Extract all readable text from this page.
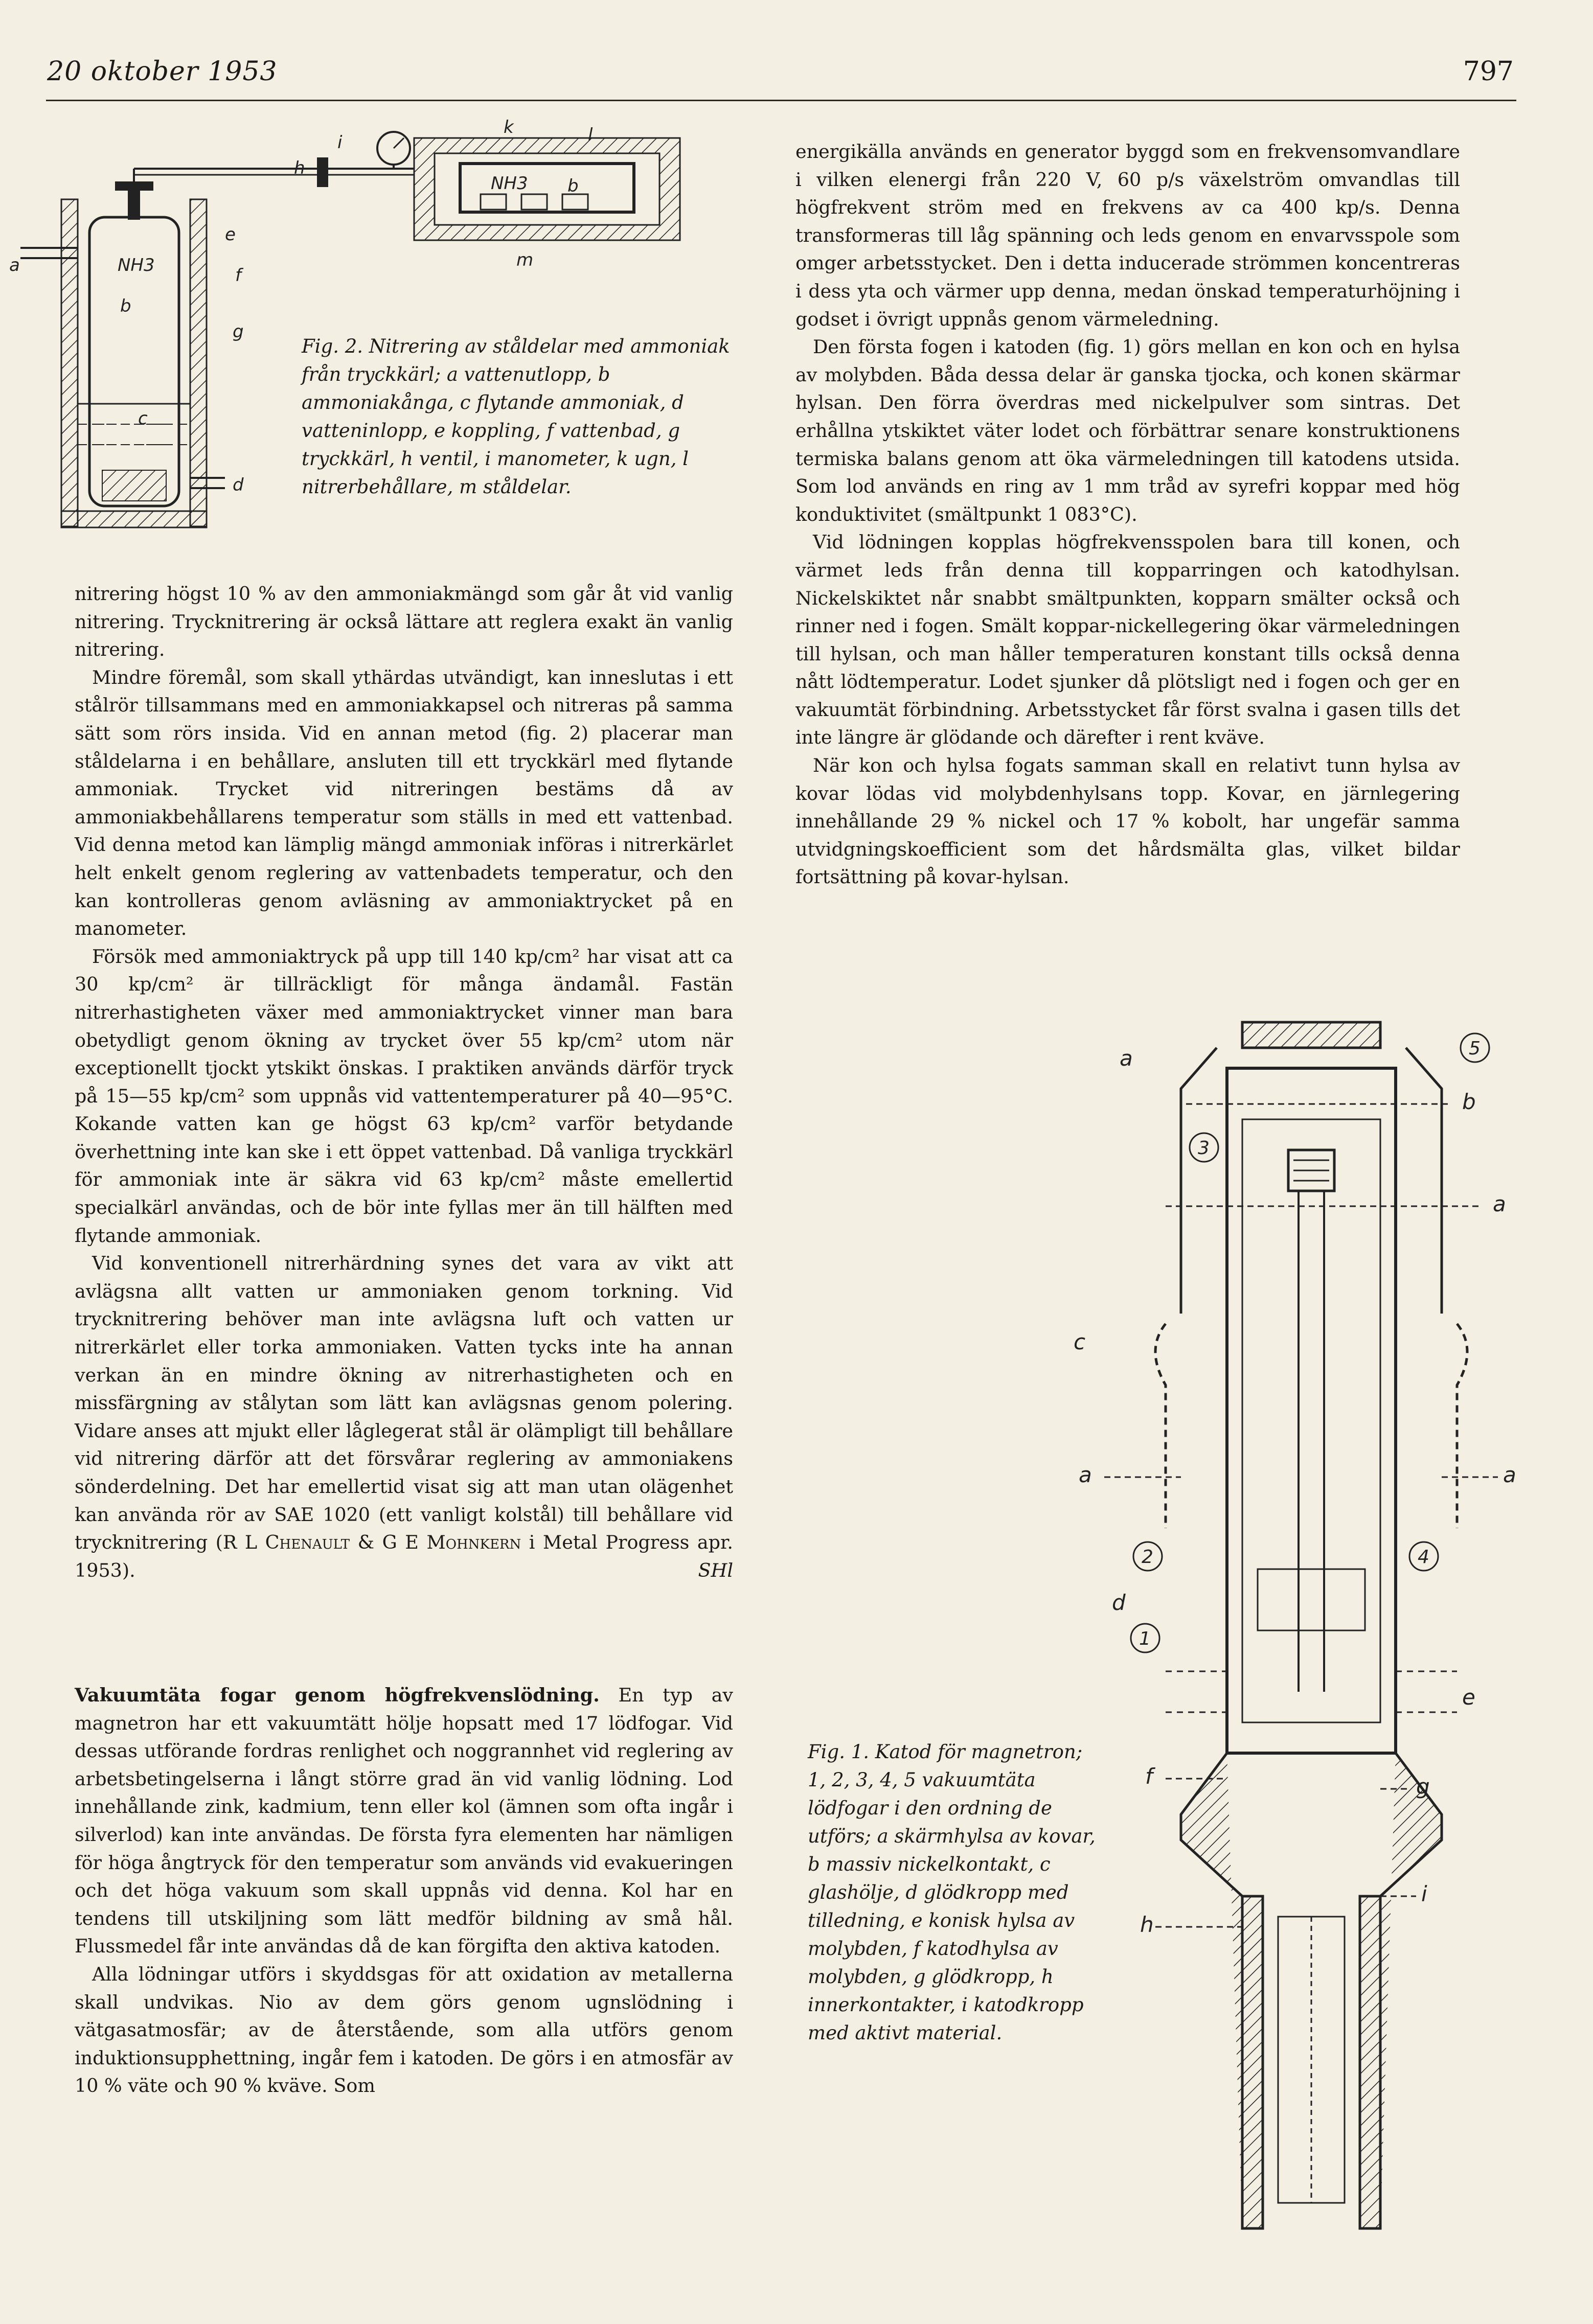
20 oktober 1953	797
a	NH3
b
c
d
e
f
g
h
i
k	l
m
NH3 b
Fig. 2. Nitrering av ståldelar med ammoniak från tryckkärl; a vattenutlopp, b ammoniakånga, c flytande ammoniak, d vatteninlopp, e koppling, f vattenbad, g tryckkärl, h ventil, i manometer, k ugn, l nitrerbehållare, m ståldelar.

nitrering högst 10 % av den ammoniakmängd som går åt vid vanlig nitrering. Trycknitrering är också lättare att reglera exakt än vanlig nitrering.

Mindre föremål, som skall ythärdas utvändigt, kan inneslutas i ett stålrör tillsammans med en ammoniakkapsel och nitreras på samma sätt som rörs insida. Vid en annan metod (fig. 2) placerar man ståldelarna i en behållare, ansluten till ett tryckkärl med flytande ammoniak. Trycket vid nitreringen bestäms då av ammoniakbehållarens temperatur som ställs in med ett vattenbad. Vid denna metod kan lämplig mängd ammoniak införas i nitrerkärlet helt enkelt genom reglering av vattenbadets temperatur, och den kan kontrolleras genom avläsning av ammoniaktrycket på en manometer.

Försök med ammoniaktryck på upp till 140 kp/cm² har visat att ca 30 kp/cm² är tillräckligt för många ändamål. Fastän nitrerhastigheten växer med ammoniaktrycket vinner man bara obetydligt genom ökning av trycket över 55 kp/cm² utom när exceptionellt tjockt ytskikt önskas. I praktiken används därför tryck på 15—55 kp/cm² som uppnås vid vattentemperaturer på 40—95°C. Kokande vatten kan ge högst 63 kp/cm² varför betydande överhettning inte kan ske i ett öppet vattenbad. Då vanliga tryckkärl för ammoniak inte är säkra vid 63 kp/cm² måste emellertid specialkärl användas, och de bör inte fyllas mer än till hälften med flytande ammoniak.

Vid konventionell nitrerhärdning synes det vara av vikt att avlägsna allt vatten ur ammoniaken genom torkning. Vid trycknitrering behöver man inte avlägsna luft och vatten ur nitrerkärlet eller torka ammoniaken. Vatten tycks inte ha annan verkan än en mindre ökning av nitrerhastigheten och en missfärgning av stålytan som lätt kan avlägsnas genom polering. Vidare anses att mjukt eller låglegerat stål är olämpligt till behållare vid nitrering därför att det försvårar reglering av ammoniakens sönderdelning. Det har emellertid visat sig att man utan olägenhet kan använda rör av SAE 1020 (ett vanligt kolstål) till behållare vid trycknitrering (R L Chenault & G E Mohnkern i Metal Progress apr. 1953).	SHl

Vakuumtäta fogar genom högfrekvenslödning. En typ av magnetron har ett vakuumtätt hölje hopsatt med 17 lödfogar. Vid dessas utförande fordras renlighet och noggrannhet vid reglering av arbetsbetingelserna i långt större grad än vid vanlig lödning. Lod innehållande zink, kadmium, tenn eller kol (ämnen som ofta ingår i silverlod) kan inte användas. De första fyra elementen har nämligen för höga ångtryck för den temperatur som används vid evakueringen och det höga vakuum som skall uppnås vid denna. Kol har en tendens till utskiljning som lätt medför bildning av små hål. Flussmedel får inte användas då de kan förgifta den aktiva katoden.

Alla lödningar utförs i skyddsgas för att oxidation av metallerna skall undvikas. Nio av dem görs genom ugnslödning i vätgasatmosfär; av de återstående, som alla utförs genom induktionsupphettning, ingår fem i katoden. De görs i en atmosfär av 10 % väte och 90 % kväve. Som

energikälla används en generator byggd som en frekvensomvandlare i vilken elenergi från 220 V, 60 p/s växelström omvandlas till högfrekvent ström med en frekvens av ca 400 kp/s. Denna transformeras till låg spänning och leds genom en envarvsspole som omger arbetsstycket. Den i detta inducerade strömmen koncentreras i dess yta och värmer upp denna, medan önskad temperaturhöjning i godset i övrigt uppnås genom värmeledning.

Den första fogen i katoden (fig. 1) görs mellan en kon och en hylsa av molybden. Båda dessa delar är ganska tjocka, och konen skärmar hylsan. Den förra överdras med nickelpulver som sintras. Det erhållna ytskiktet väter lodet och förbättrar senare konstruktionens termiska balans genom att öka värmeledningen till katodens utsida. Som lod används en ring av 1 mm tråd av syrefri koppar med hög konduktivitet (smältpunkt 1 083°C).

Vid lödningen kopplas högfrekvensspolen bara till konen, och värmet leds från denna till kopparringen och katodhylsan. Nickelskiktet når snabbt smältpunkten, kopparn smälter också och rinner ned i fogen. Smält koppar-nickellegering ökar värmeledningen till hylsan, och man håller temperaturen konstant tills också denna nått lödtemperatur. Lodet sjunker då plötsligt ned i fogen och ger en vakuumtät förbindning. Arbetsstycket får först svalna i gasen tills det inte längre är glödande och därefter i rent kväve.

När kon och hylsa fogats samman skall en relativt tunn hylsa av kovar lödas vid molybdenhylsans topp. Kovar, en järnlegering innehållande 29 % nickel och 17 % kobolt, har ungefär samma utvidgningskoefficient som det hårdsmälta glas, vilket bildar fortsättning på kovar-hylsan.

5
3
2	4
1
a
b
a
c
a	a
d
e
f	g
i
h
Fig. 1. Katod för magnetron; 1, 2, 3, 4, 5 vakuumtäta lödfogar i den ordning de utförs; a skärmhylsa av kovar, b massiv nickelkontakt, c glashölje, d glödkropp med tilledning, e konisk hylsa av molybden, f katodhylsa av molybden, g glödkropp, h innerkontakter, i katodkropp med aktivt material.
